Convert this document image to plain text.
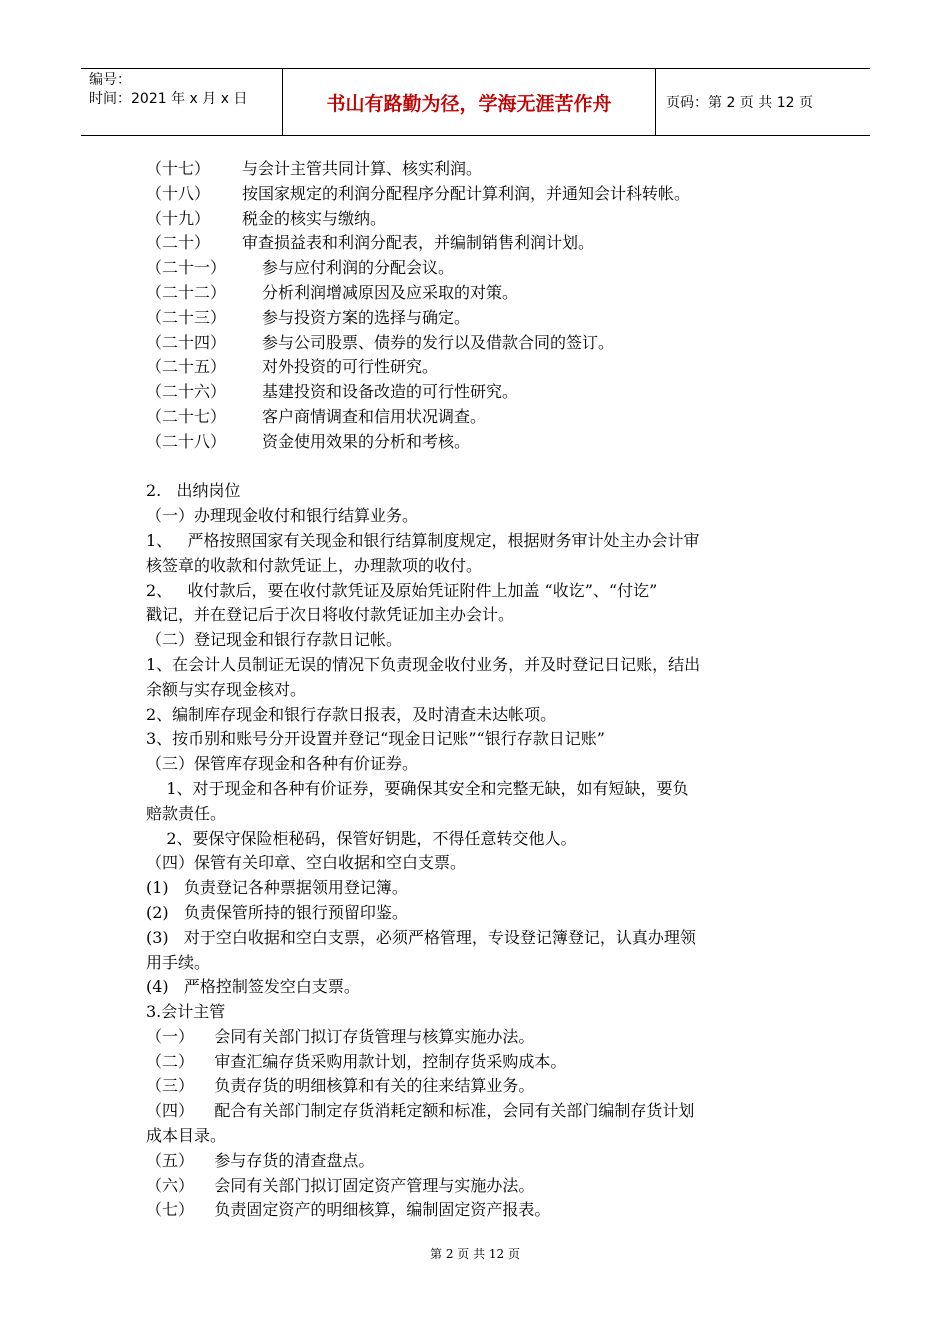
编号：
时间：2021 年 x 月 x 日	书山有路勤为径，学海无涯苦作舟	页码：第 2 页 共 12 页
（十七） 与会计主管共同计算、核实利润。
（十八） 按国家规定的利润分配程序分配计算利润，并通知会计科转帐。
（十九） 税金的核实与缴纳。
（二十） 审查损益表和利润分配表，并编制销售利润计划。
（二十一） 参与应付利润的分配会议。
（二十二） 分析利润增减原因及应采取的对策。
（二十三） 参与投资方案的选择与确定。
（二十四） 参与公司股票、债券的发行以及借款合同的签订。
（二十五） 对外投资的可行性研究。
（二十六） 基建投资和设备改造的可行性研究。
（二十七） 客户商情调查和信用状况调查。
（二十八） 资金使用效果的分析和考核。
2.   出纳岗位
（一）办理现金收付和银行结算业务。
1、   严格按照国家有关现金和银行结算制度规定，根据财务审计处主办会计审
核签章的收款和付款凭证上，办理款项的收付。
2、   收付款后，要在收付款凭证及原始凭证附件上加盖 “收讫”、“付讫”
戳记，并在登记后于次日将收付款凭证加主办会计。
（二）登记现金和银行存款日记帐。
1、在会计人员制证无误的情况下负责现金收付业务，并及时登记日记账，结出
余额与实存现金核对。
2、编制库存现金和银行存款日报表，及时清查未达帐项。
3、按币别和账号分开设置并登记“现金日记账”“银行存款日记账”
（三）保管库存现金和各种有价证券。
1、对于现金和各种有价证券，要确保其安全和完整无缺，如有短缺，要负
赔款责任。
2、要保守保险柜秘码，保管好钥匙，不得任意转交他人。
（四）保管有关印章、空白收据和空白支票。
(1)   负责登记各种票据领用登记簿。
(2)   负责保管所持的银行预留印鉴。
(3)   对于空白收据和空白支票，必须严格管理，专设登记簿登记，认真办理领
用手续。
(4)   严格控制签发空白支票。
3.会计主管
（一）    会同有关部门拟订存货管理与核算实施办法。
（二）    审查汇编存货采购用款计划，控制存货采购成本。
（三）    负责存货的明细核算和有关的往来结算业务。
（四）    配合有关部门制定存货消耗定额和标准，会同有关部门编制存货计划
成本目录。
（五）    参与存货的清查盘点。
（六）    会同有关部门拟订固定资产管理与实施办法。
（七）    负责固定资产的明细核算，编制固定资产报表。
第 2 页 共 12 页
